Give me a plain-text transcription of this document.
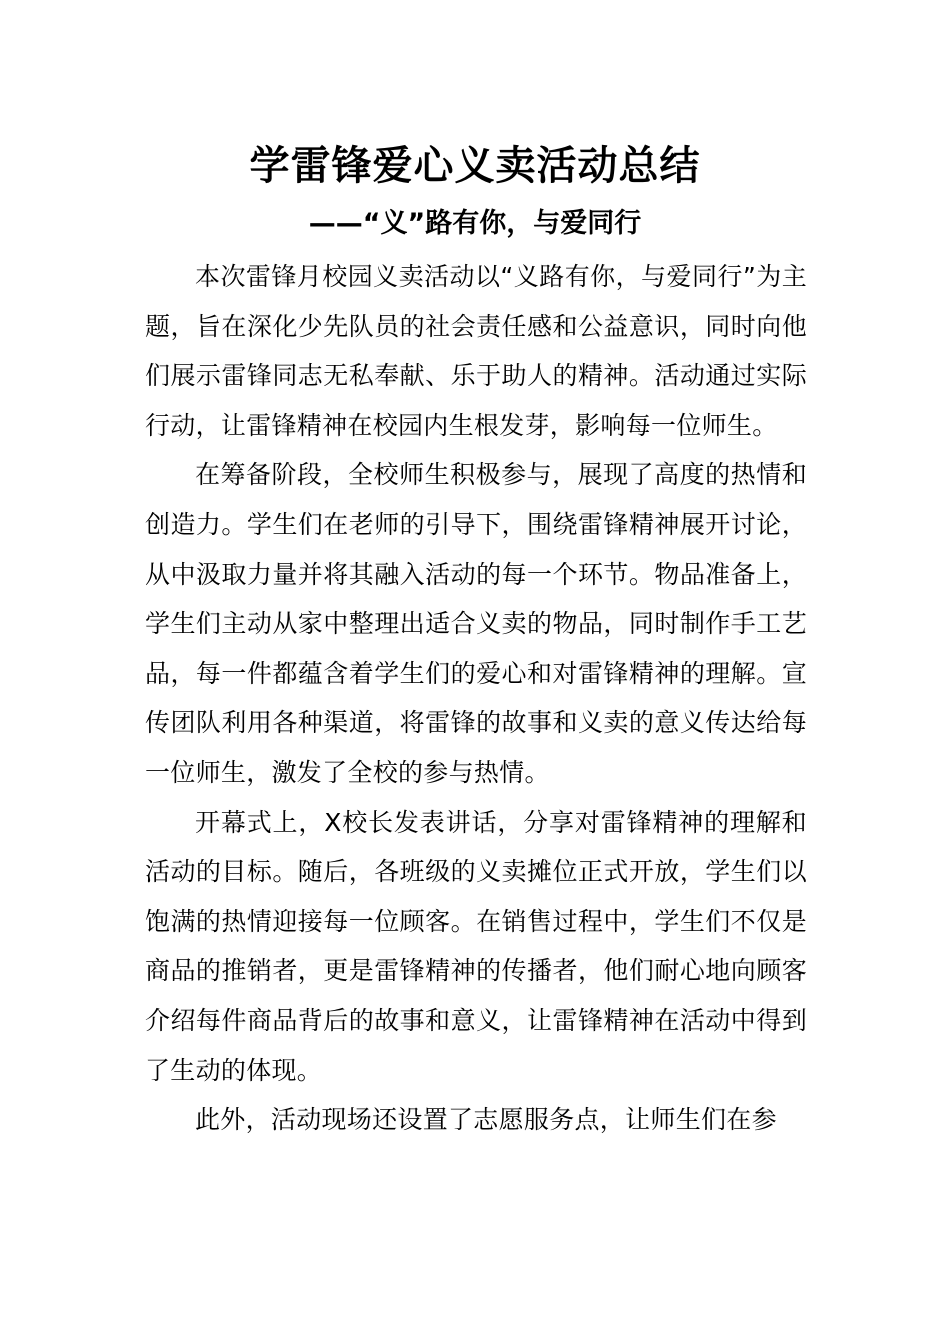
学雷锋爱心义卖活动总结
——“义”路有你，与爱同行

本次雷锋月校园义卖活动以“义路有你，与爱同行”为主题，旨在深化少先队员的社会责任感和公益意识，同时向他们展示雷锋同志无私奉献、乐于助人的精神。活动通过实际行动，让雷锋精神在校园内生根发芽，影响每一位师生。

在筹备阶段，全校师生积极参与，展现了高度的热情和创造力。学生们在老师的引导下，围绕雷锋精神展开讨论，从中汲取力量并将其融入活动的每一个环节。物品准备上，学生们主动从家中整理出适合义卖的物品，同时制作手工艺品，每一件都蕴含着学生们的爱心和对雷锋精神的理解。宣传团队利用各种渠道，将雷锋的故事和义卖的意义传达给每一位师生，激发了全校的参与热情。

开幕式上，X校长发表讲话，分享对雷锋精神的理解和活动的目标。随后，各班级的义卖摊位正式开放，学生们以饱满的热情迎接每一位顾客。在销售过程中，学生们不仅是商品的推销者，更是雷锋精神的传播者，他们耐心地向顾客介绍每件商品背后的故事和意义，让雷锋精神在活动中得到了生动的体现。

此外，活动现场还设置了志愿服务点，让师生们在参
